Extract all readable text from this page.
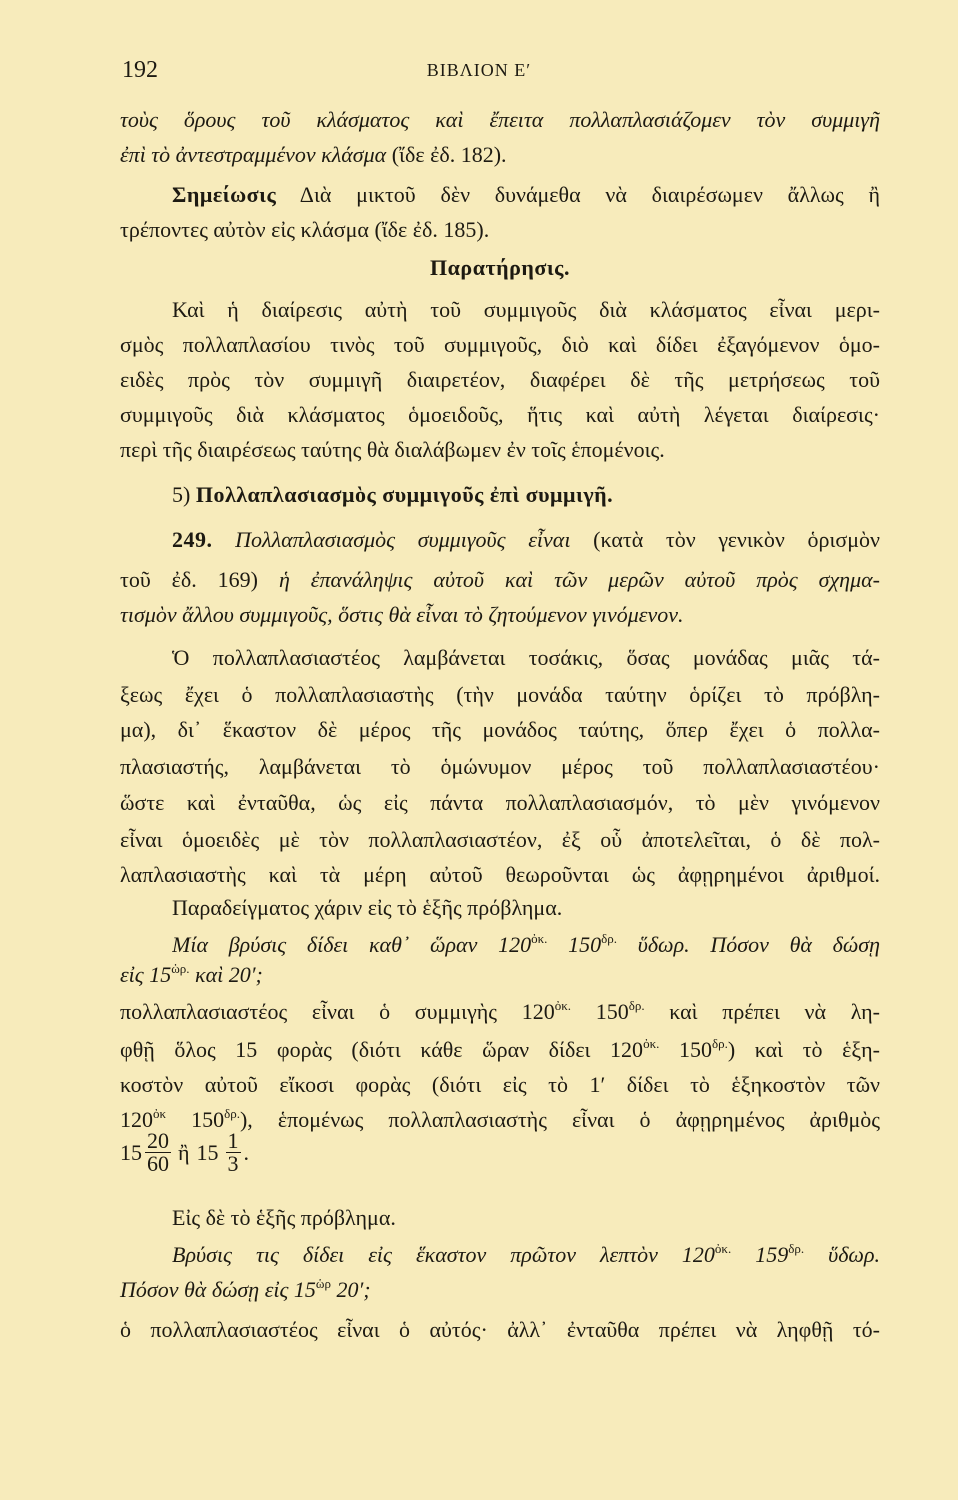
192	ΒΙΒΛΙΟΝ Ε′
τοὺς ὅρους τοῦ κλάσματος καὶ ἔπειτα πολλαπλασιάζομεν τὸν συμμιγῆ
ἐπὶ τὸ ἀντεστραμμένον κλάσμα (ἴδε ἐδ. 182).
Σημείωσις Διὰ μικτοῦ δὲν δυνάμεθα νὰ διαιρέσωμεν ἄλλως ἢ
τρέποντες αὐτὸν εἰς κλάσμα (ἴδε ἐδ. 185).
Παρατήρησις.
Καὶ ἡ διαίρεσις αὐτὴ τοῦ συμμιγοῦς διὰ κλάσματος εἶναι μερι-
σμὸς πολλαπλασίου τινὸς τοῦ συμμιγοῦς, διὸ καὶ δίδει ἐξαγόμενον ὁμο-
ειδὲς πρὸς τὸν συμμιγῆ διαιρετέον, διαφέρει δὲ τῆς μετρήσεως τοῦ
συμμιγοῦς διὰ κλάσματος ὁμοειδοῦς, ἥτις καὶ αὐτὴ λέγεται διαίρεσις·
περὶ τῆς διαιρέσεως ταύτης θὰ διαλάβωμεν ἐν τοῖς ἑπομένοις.
5) Πολλαπλασιασμὸς συμμιγοῦς ἐπὶ συμμιγῆ.
249. Πολλαπλασιασμὸς συμμιγοῦς εἶναι (κατὰ τὸν γενικὸν ὁρισμὸν
τοῦ ἐδ. 169) ἡ ἐπανάληψις αὐτοῦ καὶ τῶν μερῶν αὐτοῦ πρὸς σχημα-
τισμὸν ἄλλου συμμιγοῦς, ὅστις θὰ εἶναι τὸ ζητούμενον γινόμενον.
Ὁ πολλαπλασιαστέος λαμβάνεται τοσάκις, ὅσας μονάδας μιᾶς τά-
ξεως ἔχει ὁ πολλαπλασιαστὴς (τὴν μονάδα ταύτην ὁρίζει τὸ πρόβλη-
μα), δι᾽ ἕκαστον δὲ μέρος τῆς μονάδος ταύτης, ὅπερ ἔχει ὁ πολλα-
πλασιαστής, λαμβάνεται τὸ ὁμώνυμον μέρος τοῦ πολλαπλασιαστέου·
ὥστε καὶ ἐνταῦθα, ὡς εἰς πάντα πολλαπλασιασμόν, τὸ μὲν γινόμενον
εἶναι ὁμοειδὲς μὲ τὸν πολλαπλασιαστέον, ἐξ οὗ ἀποτελεῖται, ὁ δὲ πολ-
λαπλασιαστὴς καὶ τὰ μέρη αὐτοῦ θεωροῦνται ὡς ἀφῃρημένοι ἀριθμοί.
Παραδείγματος χάριν εἰς τὸ ἑξῆς πρόβλημα.
Μία βρύσις δίδει καθ᾽ ὥραν $120^{ὀ\kappa.}$ $150^{\delta\rho.}$ ὕδωρ. Πόσον θὰ δώσῃ
εἰς $15^{ὡ\rho.}$ καὶ 20′;
πολλαπλασιαστέος εἶναι ὁ συμμιγὴς $120^{ὀ\kappa.}$ $150^{\delta\rho.}$ καὶ πρέπει νὰ λη-
φθῇ ὅλος 15 φορὰς (διότι κάθε ὥραν δίδει $120^{ὀ\kappa.}$ $150^{\delta\rho.}$) καὶ τὸ ἑξη-
κοστὸν αὐτοῦ εἴκοσι φορὰς (διότι εἰς τὸ 1′ δίδει τὸ ἑξηκοστὸν τῶν
$120^{ὀ\kappa}$ $150^{\delta\rho.}$), ἑπομένως πολλαπλασιαστὴς εἶναι ὁ ἀφῃρημένος ἀριθμὸς
Εἰς δὲ τὸ ἑξῆς πρόβλημα.
Βρύσις τις δίδει εἰς ἕκαστον πρῶτον λεπτὸν $120^{ὀ\kappa.}$ $159^{\delta\rho.}$ ὕδωρ.
Πόσον θὰ δώσῃ εἰς $15^{ὡ\rho}$ 20′;
ὁ πολλαπλασιαστέος εἶναι ὁ αὐτός· ἀλλ᾽ ἐνταῦθα πρέπει νὰ ληφθῇ τό-
$15 \frac{20}{60}$ ἢ $15 \frac{1}{3}$ .
